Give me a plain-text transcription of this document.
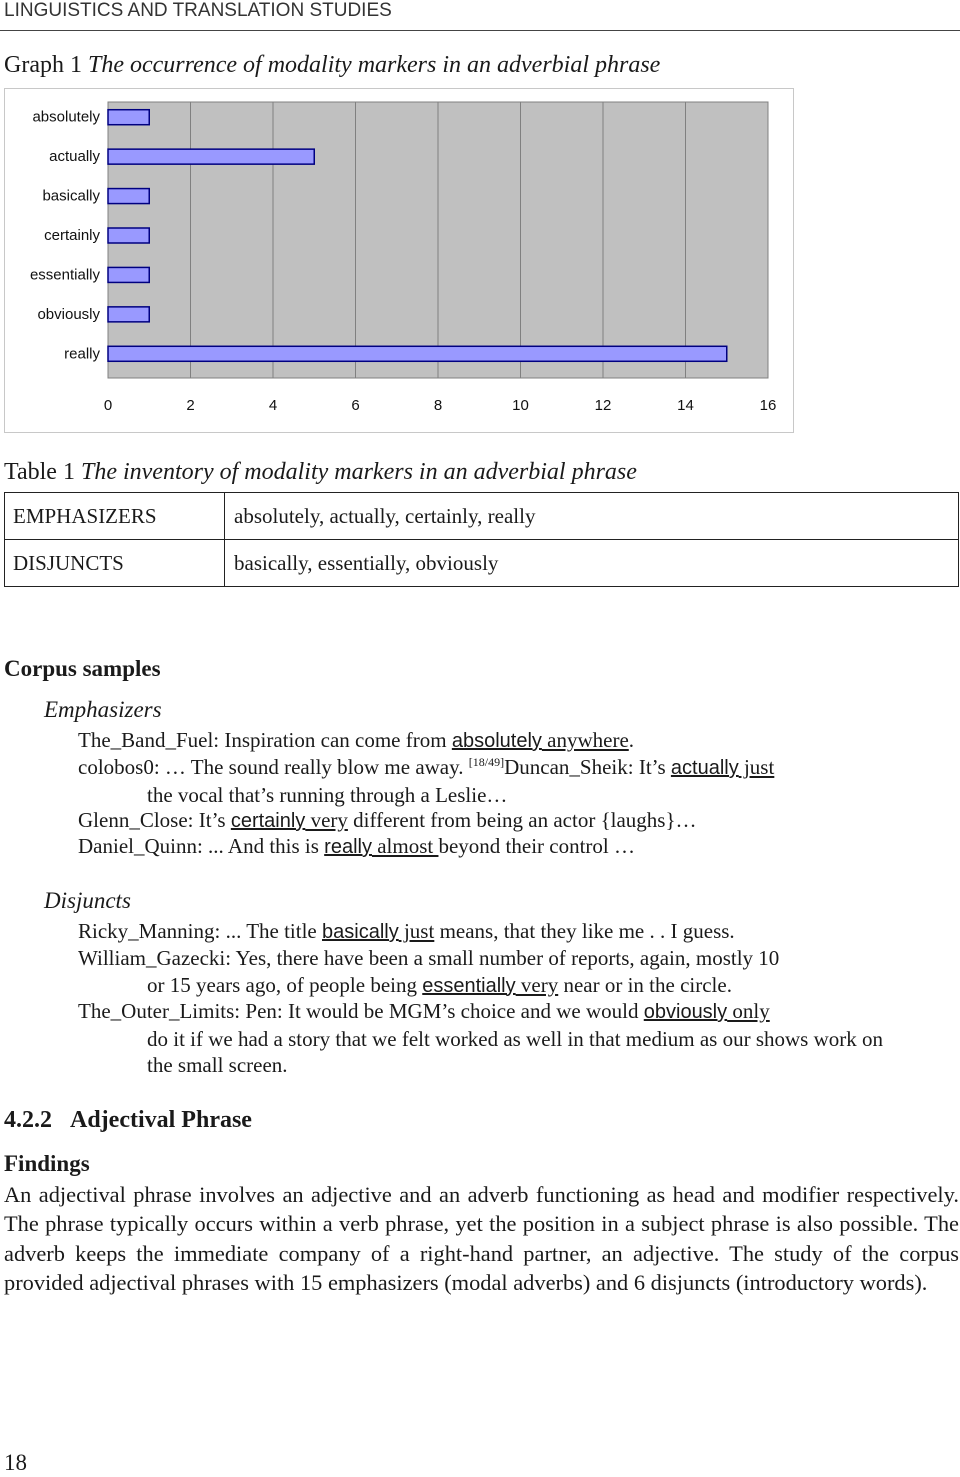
LINGUISTICS AND TRANSLATION STUDIES
Graph 1 The occurrence of modality markers in an adverbial phrase
0	2	4	6	8	10	12	14	16
absolutely
actually
basically
certainly
essentially
obviously
really
Table 1 The inventory of modality markers in an adverbial phrase
EMPHASIZERS	absolutely, actually, certainly, really
DISJUNCTS	basically, essentially, obviously
Corpus samples
Emphasizers
The_Band_Fuel: Inspiration can come from absolutely anywhere.
colobos0: … The sound really blow me away. [18/49]Duncan_Sheik: It’s actually just
the vocal that’s running through a Leslie…
Glenn_Close: It’s certainly very different from being an actor {laughs}…
Daniel_Quinn: ... And this is really almost beyond their control …
Disjuncts
Ricky_Manning: ... The title basically just means, that they like me . . I guess.
William_Gazecki: Yes, there have been a small number of reports, again, mostly 10
or 15 years ago, of people being essentially very near or in the circle.
The_Outer_Limits: Pen: It would be MGM’s choice and we would obviously only
do it if we had a story that we felt worked as well in that medium as our shows work on the small screen.
4.2.2 Adjectival Phrase
Findings
An adjectival phrase involves an adjective and an adverb functioning as head and modifier respectively. The phrase typically occurs within a verb phrase, yet the position in a subject phrase is also possible. The adverb keeps the immediate company of a right-hand partner, an adjective. The study of the corpus provided adjectival phrases with 15 emphasizers (modal adverbs) and 6 disjuncts (introductory words).
18
